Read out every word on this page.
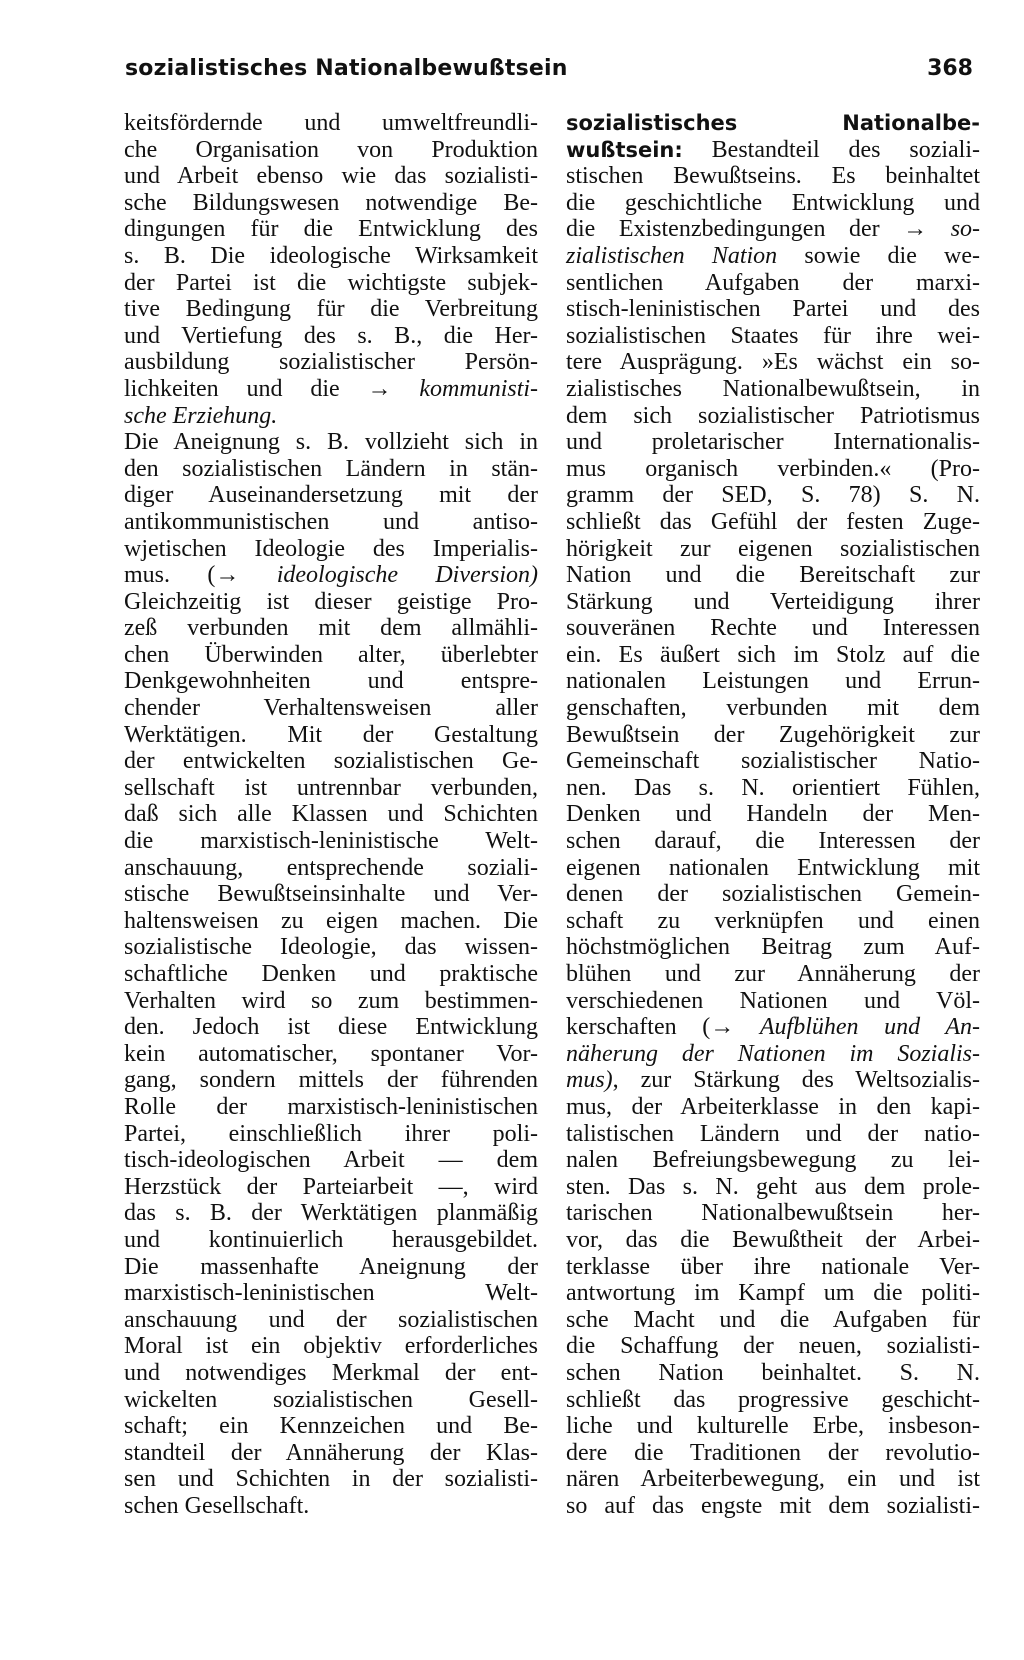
sozialistisches Nationalbewußtsein	368
keitsfördernde und umweltfreundli-
che Organisation von Produktion
und Arbeit ebenso wie das sozialisti-
sche Bildungswesen notwendige Be-
dingungen für die Entwicklung des
s. B. Die ideologische Wirksamkeit
der Partei ist die wichtigste subjek-
tive Bedingung für die Verbreitung
und Vertiefung des s. B., die Her-
ausbildung sozialistischer Persön-
lichkeiten und die → kommunisti-
sche Erziehung.
Die Aneignung s. B. vollzieht sich in
den sozialistischen Ländern in stän-
diger Auseinandersetzung mit der
antikommunistischen und antiso-
wjetischen Ideologie des Imperialis-
mus. (→ ideologische Diversion)
Gleichzeitig ist dieser geistige Pro-
zeß verbunden mit dem allmähli-
chen Überwinden alter, überlebter
Denkgewohnheiten und entspre-
chender Verhaltensweisen aller
Werktätigen. Mit der Gestaltung
der entwickelten sozialistischen Ge-
sellschaft ist untrennbar verbunden,
daß sich alle Klassen und Schichten
die marxistisch-leninistische Welt-
anschauung, entsprechende soziali-
stische Bewußtseinsinhalte und Ver-
haltensweisen zu eigen machen. Die
sozialistische Ideologie, das wissen-
schaftliche Denken und praktische
Verhalten wird so zum bestimmen-
den. Jedoch ist diese Entwicklung
kein automatischer, spontaner Vor-
gang, sondern mittels der führenden
Rolle der marxistisch-leninistischen
Partei, einschließlich ihrer poli-
tisch-ideologischen Arbeit — dem
Herzstück der Parteiarbeit —, wird
das s. B. der Werktätigen planmäßig
und kontinuierlich herausgebildet.
Die massenhafte Aneignung der
marxistisch-leninistischen Welt-
anschauung und der sozialistischen
Moral ist ein objektiv erforderliches
und notwendiges Merkmal der ent-
wickelten sozialistischen Gesell-
schaft; ein Kennzeichen und Be-
standteil der Annäherung der Klas-
sen und Schichten in der sozialisti-
schen Gesellschaft.
sozialistisches Nationalbe-
wußtsein: Bestandteil des soziali-
stischen Bewußtseins. Es beinhaltet
die geschichtliche Entwicklung und
die Existenzbedingungen der → so-
zialistischen Nation sowie die we-
sentlichen Aufgaben der marxi-
stisch-leninistischen Partei und des
sozialistischen Staates für ihre wei-
tere Ausprägung. »Es wächst ein so-
zialistisches Nationalbewußtsein, in
dem sich sozialistischer Patriotismus
und proletarischer Internationalis-
mus organisch verbinden.« (Pro-
gramm der SED, S. 78) S. N.
schließt das Gefühl der festen Zuge-
hörigkeit zur eigenen sozialistischen
Nation und die Bereitschaft zur
Stärkung und Verteidigung ihrer
souveränen Rechte und Interessen
ein. Es äußert sich im Stolz auf die
nationalen Leistungen und Errun-
genschaften, verbunden mit dem
Bewußtsein der Zugehörigkeit zur
Gemeinschaft sozialistischer Natio-
nen. Das s. N. orientiert Fühlen,
Denken und Handeln der Men-
schen darauf, die Interessen der
eigenen nationalen Entwicklung mit
denen der sozialistischen Gemein-
schaft zu verknüpfen und einen
höchstmöglichen Beitrag zum Auf-
blühen und zur Annäherung der
verschiedenen Nationen und Völ-
kerschaften (→ Aufblühen und An-
näherung der Nationen im Sozialis-
mus), zur Stärkung des Weltsozialis-
mus, der Arbeiterklasse in den kapi-
talistischen Ländern und der natio-
nalen Befreiungsbewegung zu lei-
sten. Das s. N. geht aus dem prole-
tarischen Nationalbewußtsein her-
vor, das die Bewußtheit der Arbei-
terklasse über ihre nationale Ver-
antwortung im Kampf um die politi-
sche Macht und die Aufgaben für
die Schaffung der neuen, sozialisti-
schen Nation beinhaltet. S. N.
schließt das progressive geschicht-
liche und kulturelle Erbe, insbeson-
dere die Traditionen der revolutio-
nären Arbeiterbewegung, ein und ist
so auf das engste mit dem sozialisti-
